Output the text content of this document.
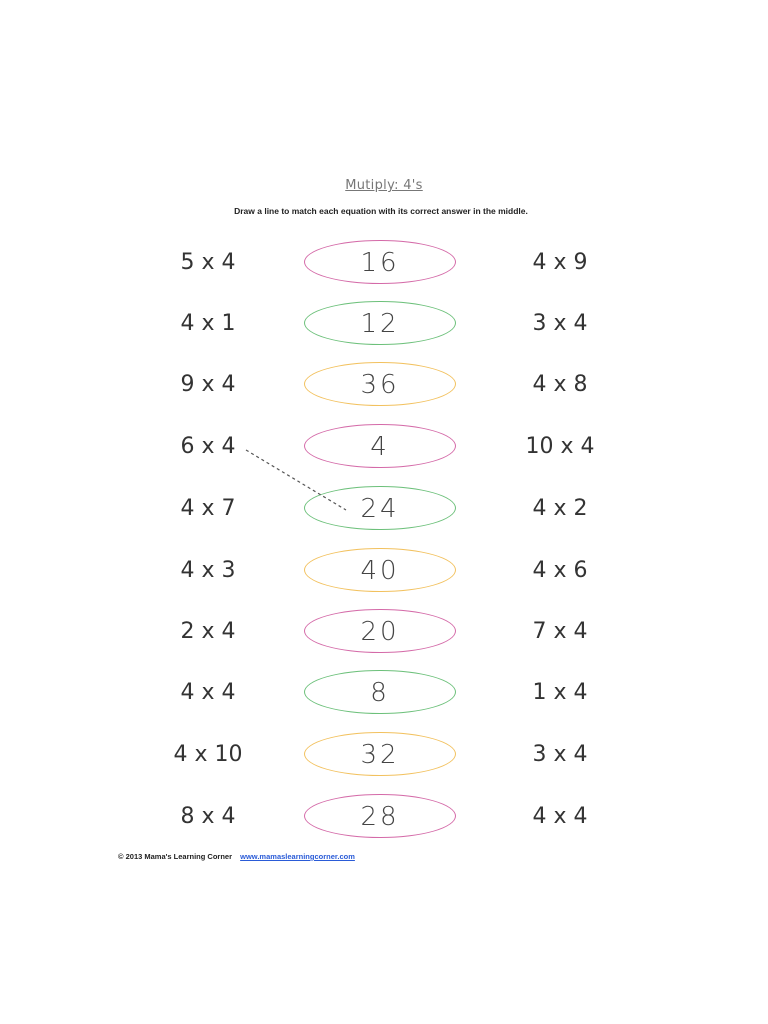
Mutiply: 4's
Draw a line to match each equation with its correct answer in the middle.
5 x 4	16	4 x 9
4 x 1	12	3 x 4
9 x 4	36	4 x 8
6 x 4	4	10 x 4
4 x 7	24	4 x 2
4 x 3	40	4 x 6
2 x 4	20	7 x 4
4 x 4	8	1 x 4
4 x 10	32	3 x 4
8 x 4	28	4 x 4
© 2013 Mama's Learning Corner www.mamaslearningcorner.com
